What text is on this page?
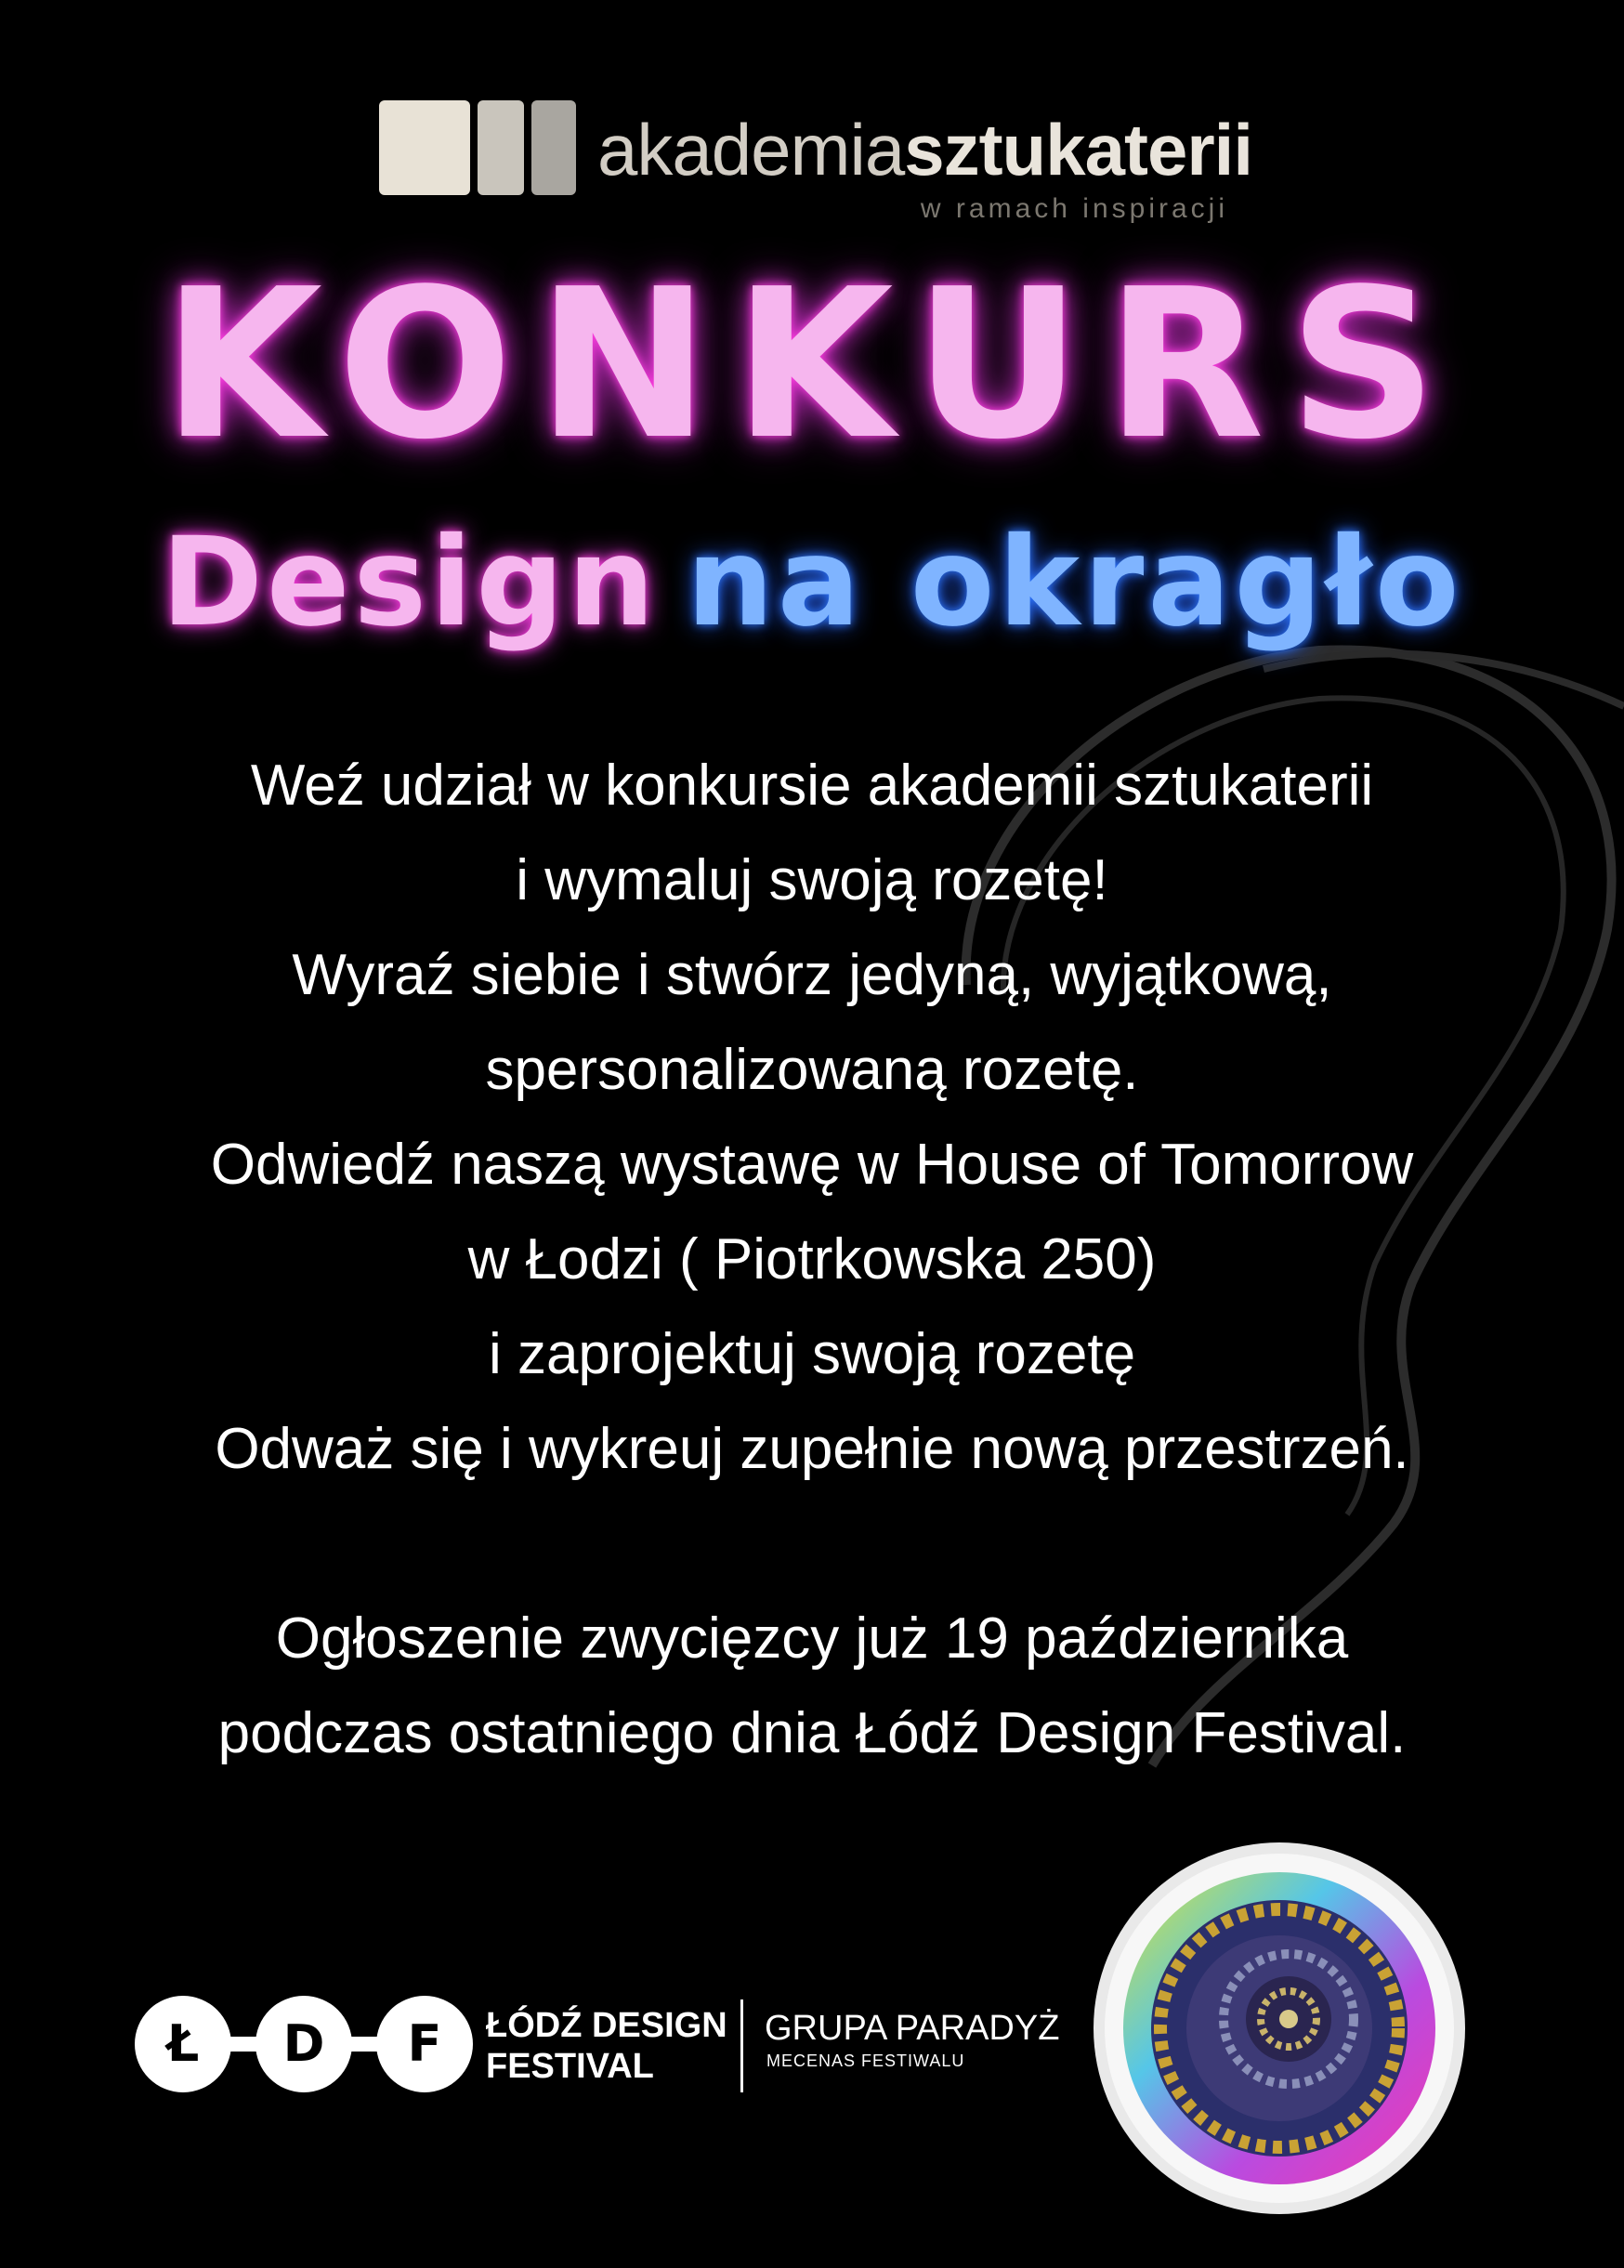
akademiasztukaterii
w ramach inspiracji
KONKURS
Design na okragło
Weź udział w konkursie akademii sztukaterii
i wymaluj swoją rozetę!
Wyraź siebie i stwórz jedyną, wyjątkową,
spersonalizowaną rozetę.
Odwiedź naszą wystawę w House of Tomorrow
w Łodzi ( Piotrkowska 250)
i zaprojektuj swoją rozetę
Odważ się i wykreuj zupełnie nową przestrzeń.
Ogłoszenie zwycięzcy już 19 października
podczas ostatniego dnia Łódź Design Festival.
Ł	D	F	ŁÓDŹ DESIGN
FESTIVAL
GRUPA PARADYŻ
MECENAS FESTIWALU
